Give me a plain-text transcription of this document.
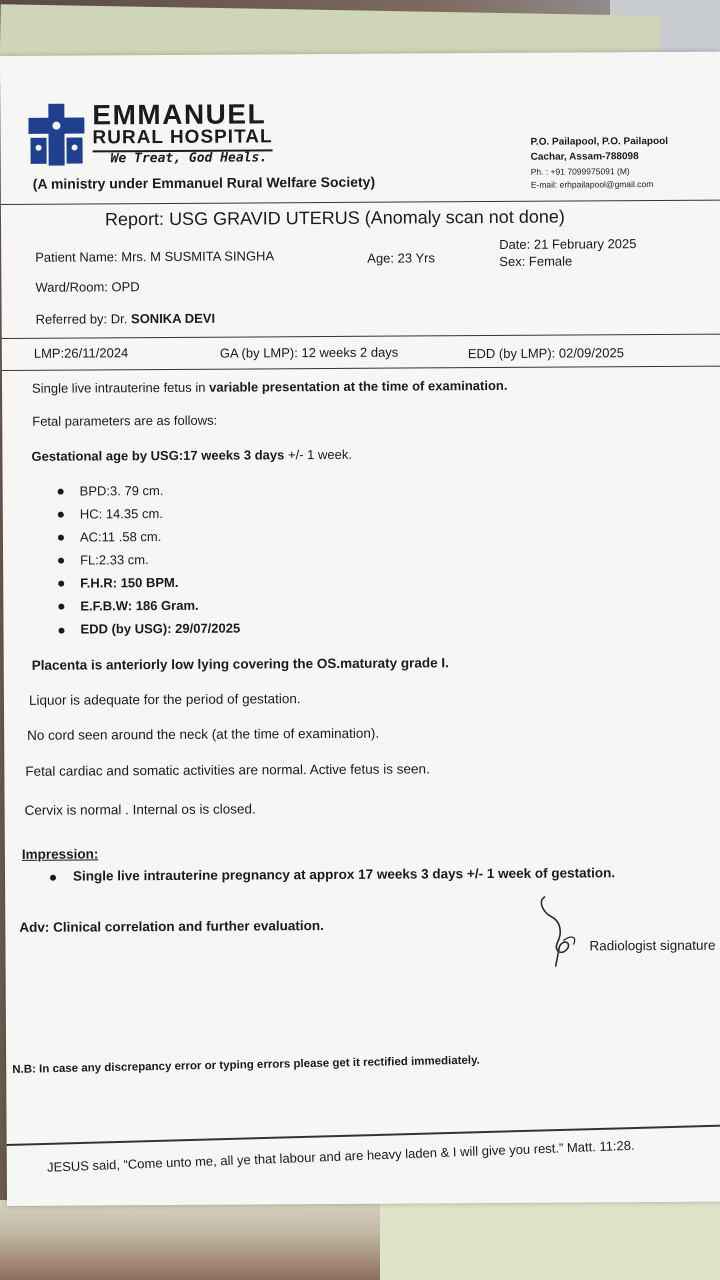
EMMANUEL
RURAL HOSPITAL
We Treat, God Heals.
(A ministry under Emmanuel Rural Welfare Society)
P.O. Pailapool, P.O. Pailapool
Cachar, Assam-788098
Ph. : +91 7099975091 (M)
E-mail: erhpailapool@gmail.com
Report: USG GRAVID UTERUS (Anomaly scan not done)
Patient Name: Mrs. M SUSMITA SINGHA	Age: 23 Yrs
Date: 21 February 2025
Sex: Female
Ward/Room: OPD
Referred by: Dr. SONIKA DEVI
LMP:26/11/2024	GA (by LMP): 12 weeks 2 days	EDD (by LMP): 02/09/2025
Single live intrauterine fetus in variable presentation at the time of examination.
Fetal parameters are as follows:
Gestational age by USG:17 weeks 3 days +/- 1 week.
BPD:3. 79 cm.
HC: 14.35 cm.
AC:11 .58 cm.
FL:2.33 cm.
F.H.R: 150 BPM.
E.F.B.W: 186 Gram.
EDD (by USG): 29/07/2025
Placenta is anteriorly low lying covering the OS.maturaty grade I.
Liquor is adequate for the period of gestation.
No cord seen around the neck (at the time of examination).
Fetal cardiac and somatic activities are normal. Active fetus is seen.
Cervix is normal . Internal os is closed.
Impression:
Single live intrauterine pregnancy at approx 17 weeks 3 days +/- 1 week of gestation.
Adv: Clinical correlation and further evaluation.
Radiologist signature
N.B: In case any discrepancy error or typing errors please get it rectified immediately.
JESUS said, “Come unto me, all ye that labour and are heavy laden & I will give you rest.” Matt. 11:28.
